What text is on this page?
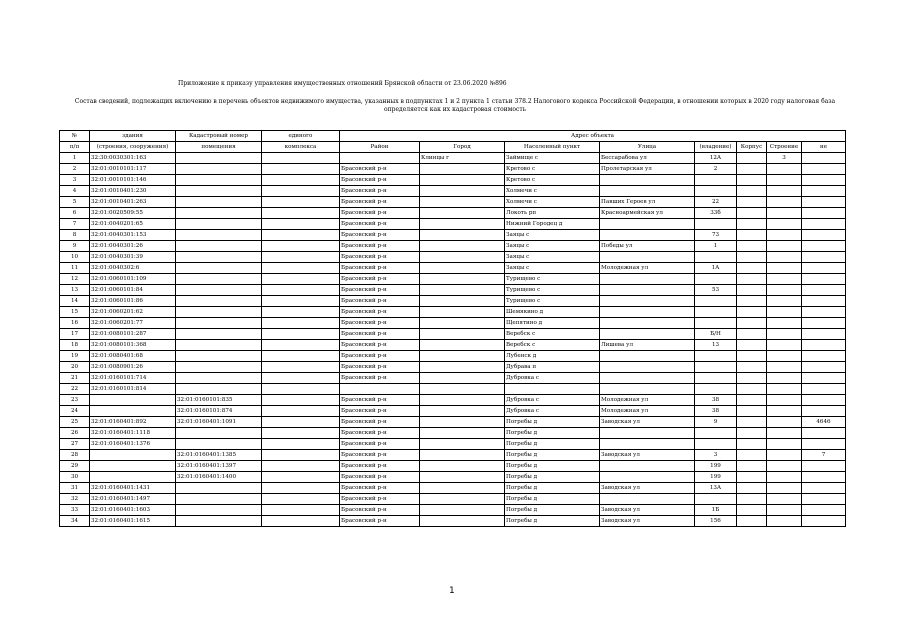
Приложение к приказу управления имущественных отношений Брянской области от 23.06.2020 №896
Состав сведений, подлежащих включению в перечень объектов недвижимого имущества, указанных в подпунктах 1 и 2 пункта 1 статьи 378.2 Налогового кодекса Российской Федерации, в отношении которых в 2020 году налоговая база определяется как их кадастровая стоимость
№	здания	Кадастровый номер	единого	Адрес объекта							
п/п	(строения, сооружения)	помещения	комплекса	Район	Город	Населенный пункт	Улица	(владение)	Корпус	Строение	не
1	32:30:0030301:163				Клинцы г	Займище с	Бессарабова ул	12А		3	
2	32:01:0010101:117			Брасовский р-н		Кретово с	Пролетарская ул	2			
3	32:01:0010101:146			Брасовский р-н		Кретово с					
4	32:01:0010401:230			Брасовский р-н		Холмечи с					
5	32:01:0010401:263			Брасовский р-н		Холмечи с	Павших Героев ул	22			
6	32:01:0020509:55			Брасовский р-н		Локоть рп	Красноармейская ул	33б			
7	32:01:0040201:65			Брасовский р-н		Нижний Городец д					
8	32:01:0040301:153			Брасовский р-н		Заяцы с		73			
9	32:01:0040301:26			Брасовский р-н		Заяцы с	Победы ул	1			
10	32:01:0040301:39			Брасовский р-н		Заяцы с					
11	32:01:0040302:6			Брасовский р-н		Заяцы с	Молодежная ул	1А			
12	32:01:0060101:109			Брасовский р-н		Турищево с					
13	32:01:0060101:84			Брасовский р-н		Турищево с		53			
14	32:01:0060101:86			Брасовский р-н		Турищево с					
15	32:01:0060201:62			Брасовский р-н		Шемякино д					
16	32:01:0060201:77			Брасовский р-н		Щепятино д					
17	32:01:0080101:287			Брасовский р-н		Веребск с		Б/Н			
18	32:01:0080101:368			Брасовский р-н		Веребск с	Лишева ул	13			
19	32:01:0080401:68			Брасовский р-н		Лубенск д					
20	32:01:0080901:26			Брасовский р-н		Дубрава п					
21	32:01:0160101:714			Брасовский р-н		Дубровка с					
22	32:01:0160101:814										
23		32:01:0160101:835		Брасовский р-н		Дубровка с	Молодежная ул	38			
24		32:01:0160101:874		Брасовский р-н		Дубровка с	Молодежная ул	38			
25	32:01:0160401:892	32:01:0160401:1091		Брасовский р-н		Погребы д	Заводская ул	9			4646
26	32:01:0160401:1118			Брасовский р-н		Погребы д					
27	32:01:0160401:1376			Брасовский р-н		Погребы д					
28		32:01:0160401:1385		Брасовский р-н		Погребы д	Заводская ул	3			7
29		32:01:0160401:1397		Брасовский р-н		Погребы д		199			
30		32:01:0160401:1400		Брасовский р-н		Погребы д		199			
31	32:01:0160401:1431			Брасовский р-н		Погребы д	Заводская ул	13А			
32	32:01:0160401:1497			Брасовский р-н		Погребы д					
33	32:01:0160401:1603			Брасовский р-н		Погребы д	Заводская ул	1Б			
34	32:01:0160401:1615			Брасовский р-н		Погребы д	Заводская ул	156			
1
